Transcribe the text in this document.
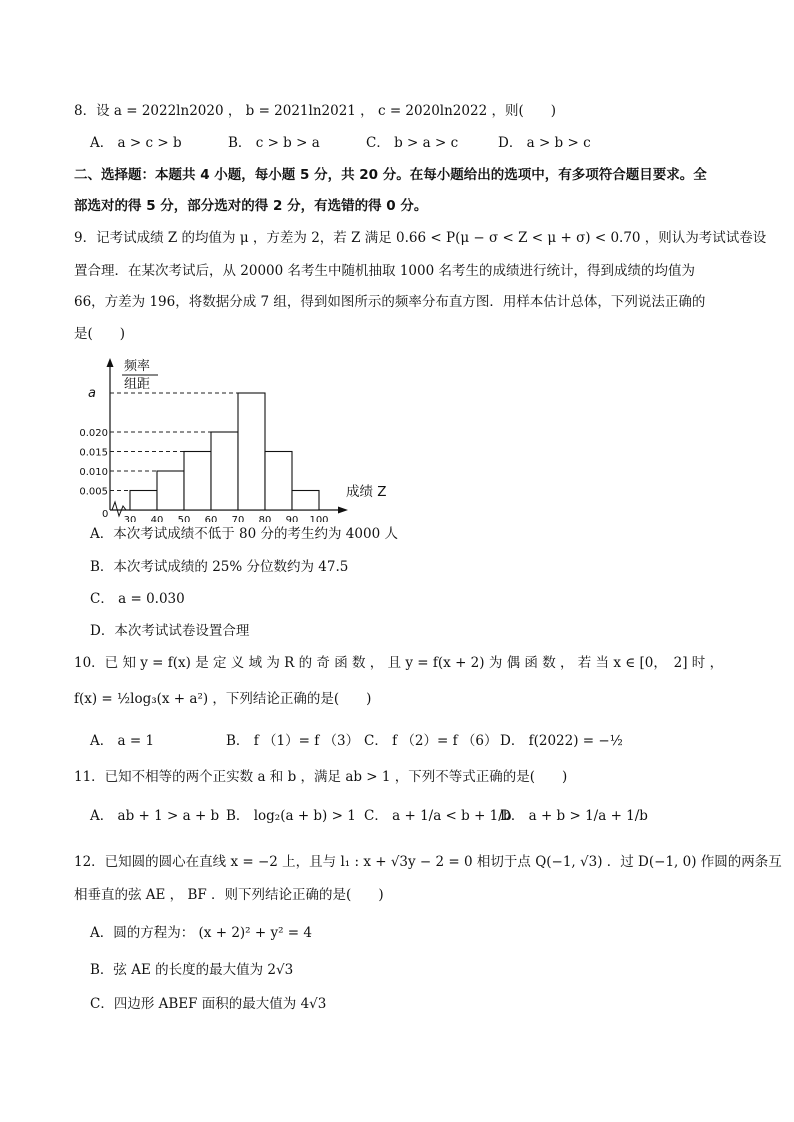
8．设 a = 2022ln2020 ， b = 2021ln2021 ， c = 2020ln2022 ，则(　　)
A． a > c > b	B． c > b > a	C． b > a > c	D． a > b > c
二、选择题：本题共 4 小题，每小题 5 分，共 20 分。在每小题给出的选项中，有多项符合题目要求。全
部选对的得 5 分，部分选对的得 2 分，有选错的得 0 分。
9．记考试成绩 Z 的均值为 μ ，方差为 2，若 Z 满足 0.66 < P(μ − σ < Z < μ + σ) < 0.70 ，则认为考试试卷设
置合理．在某次考试后，从 20000 名考生中随机抽取 1000 名考生的成绩进行统计，得到成绩的均值为
66，方差为 196，将数据分成 7 组，得到如图所示的频率分布直方图．用样本估计总体，下列说法正确的
是(　　)
频率
组距
成绩 Z
0
0.005
0.010
0.015
0.020
a
30 40 50 60 70 80 90 100
A．本次考试成绩不低于 80 分的考生约为 4000 人
B．本次考试成绩的 25% 分位数约为 47.5
C． a = 0.030
D．本次考试试卷设置合理
10．已 知 y = f(x) 是 定 义 域 为 R 的 奇 函 数 ， 且 y = f(x + 2) 为 偶 函 数 ， 若 当 x ∈ [0，　2] 时 ，
f(x) = ½log₃(x + a²) ，下列结论正确的是(　　)
A． a = 1	B． f （1）= f （3） C． f （2）= f （6） D． f(2022) = −½
11．已知不相等的两个正实数 a 和 b ，满足 ab > 1 ，下列不等式正确的是(　　)
A． ab + 1 > a + b B． log₂(a + b) > 1 C． a + 1/a < b + 1/b
D． a + b > 1/a + 1/b
12．已知圆的圆心在直线 x = −2 上，且与 l₁ : x + √3y − 2 = 0 相切于点 Q(−1, √3) ．过 D(−1, 0) 作圆的两条互
相垂直的弦 AE ， BF ．则下列结论正确的是(　　)
A．圆的方程为： (x + 2)² + y² = 4
B．弦 AE 的长度的最大值为 2√3
C．四边形 ABEF 面积的最大值为 4√3
